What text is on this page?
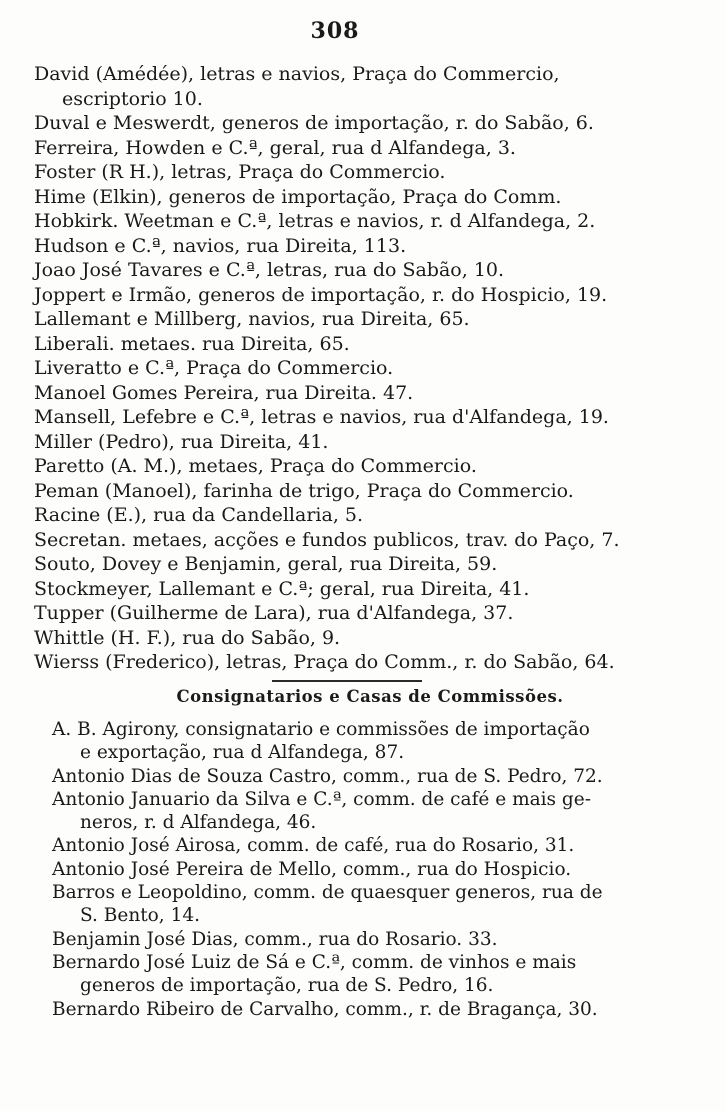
308

David (Amédée), letras e navios, Praça do Commercio,

escriptorio 10.

Duval e Meswerdt, generos de importação, r. do Sabão, 6.

Ferreira, Howden e C.ª, geral, rua d Alfandega, 3.

Foster (R H.), letras, Praça do Commercio.

Hime (Elkin), generos de importação, Praça do Comm.

Hobkirk. Weetman e C.ª, letras e navios, r. d Alfandega, 2.

Hudson e C.ª, navios, rua Direita, 113.

Joao José Tavares e C.ª, letras, rua do Sabão, 10.

Joppert e Irmão, generos de importação, r. do Hospicio, 19.

Lallemant e Millberg, navios, rua Direita, 65.

Liberali. metaes. rua Direita, 65.

Liveratto e C.ª, Praça do Commercio.

Manoel Gomes Pereira, rua Direita. 47.

Mansell, Lefebre e C.ª, letras e navios, rua d'Alfandega, 19.

Miller (Pedro), rua Direita, 41.

Paretto (A. M.), metaes, Praça do Commercio.

Peman (Manoel), farinha de trigo, Praça do Commercio.

Racine (E.), rua da Candellaria, 5.

Secretan. metaes, acções e fundos publicos, trav. do Paço, 7.

Souto, Dovey e Benjamin, geral, rua Direita, 59.

Stockmeyer, Lallemant e C.ª; geral, rua Direita, 41.

Tupper (Guilherme de Lara), rua d'Alfandega, 37.

Whittle (H. F.), rua do Sabão, 9.

Wierss (Frederico), letras, Praça do Comm., r. do Sabão, 64.

Consignatarios e Casas de Commissões.

A. B. Agirony, consignatario e commissões de importação

e exportação, rua d Alfandega, 87.

Antonio Dias de Souza Castro, comm., rua de S. Pedro, 72.

Antonio Januario da Silva e C.ª, comm. de café e mais ge-

neros, r. d Alfandega, 46.

Antonio José Airosa, comm. de café, rua do Rosario, 31.

Antonio José Pereira de Mello, comm., rua do Hospicio.

Barros e Leopoldino, comm. de quaesquer generos, rua de

S. Bento, 14.

Benjamin José Dias, comm., rua do Rosario. 33.

Bernardo José Luiz de Sá e C.ª, comm. de vinhos e mais

generos de importação, rua de S. Pedro, 16.

Bernardo Ribeiro de Carvalho, comm., r. de Bragança, 30.
